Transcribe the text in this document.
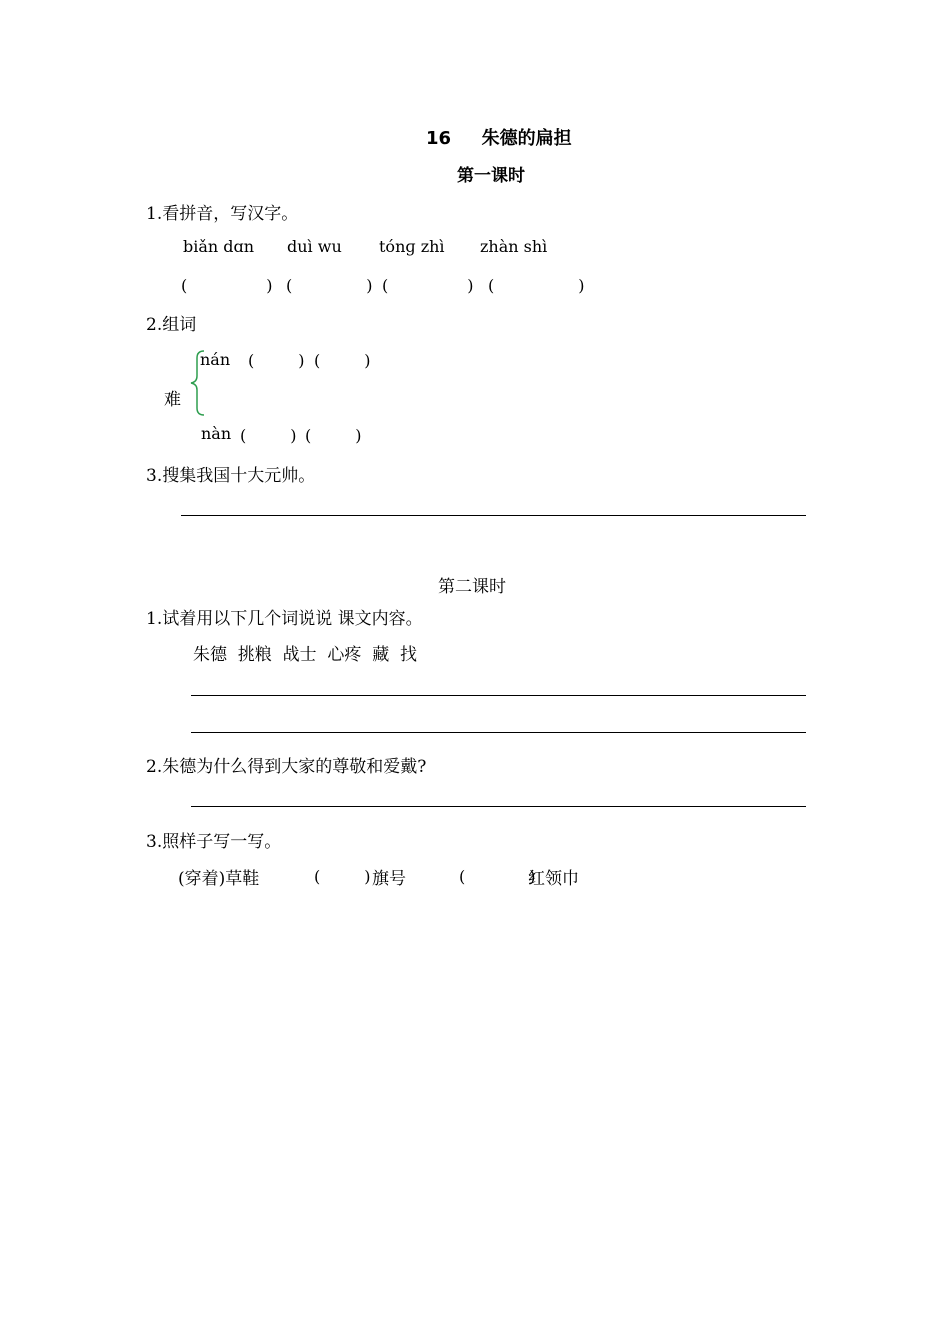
16 朱德的扁担
第一课时
1.看拼音，写汉字。
biǎn dɑn duì wu tónɡ zhì zhàn shì
(　　　　) (　　　　) (　　　　) (　　　　)
2.组词
难
nán (　　) (　　)
nàn (　　) (　　)
3.搜集我国十大元帅。
第二课时
1.试着用以下几个词说说 课文内容。
朱德  挑粮  战士  心疼  藏  找
2.朱德为什么得到大家的尊敬和爱戴?
3.照样子写一写。
(穿着)草鞋	(　　)
旗号	(　　　)
红领巾
